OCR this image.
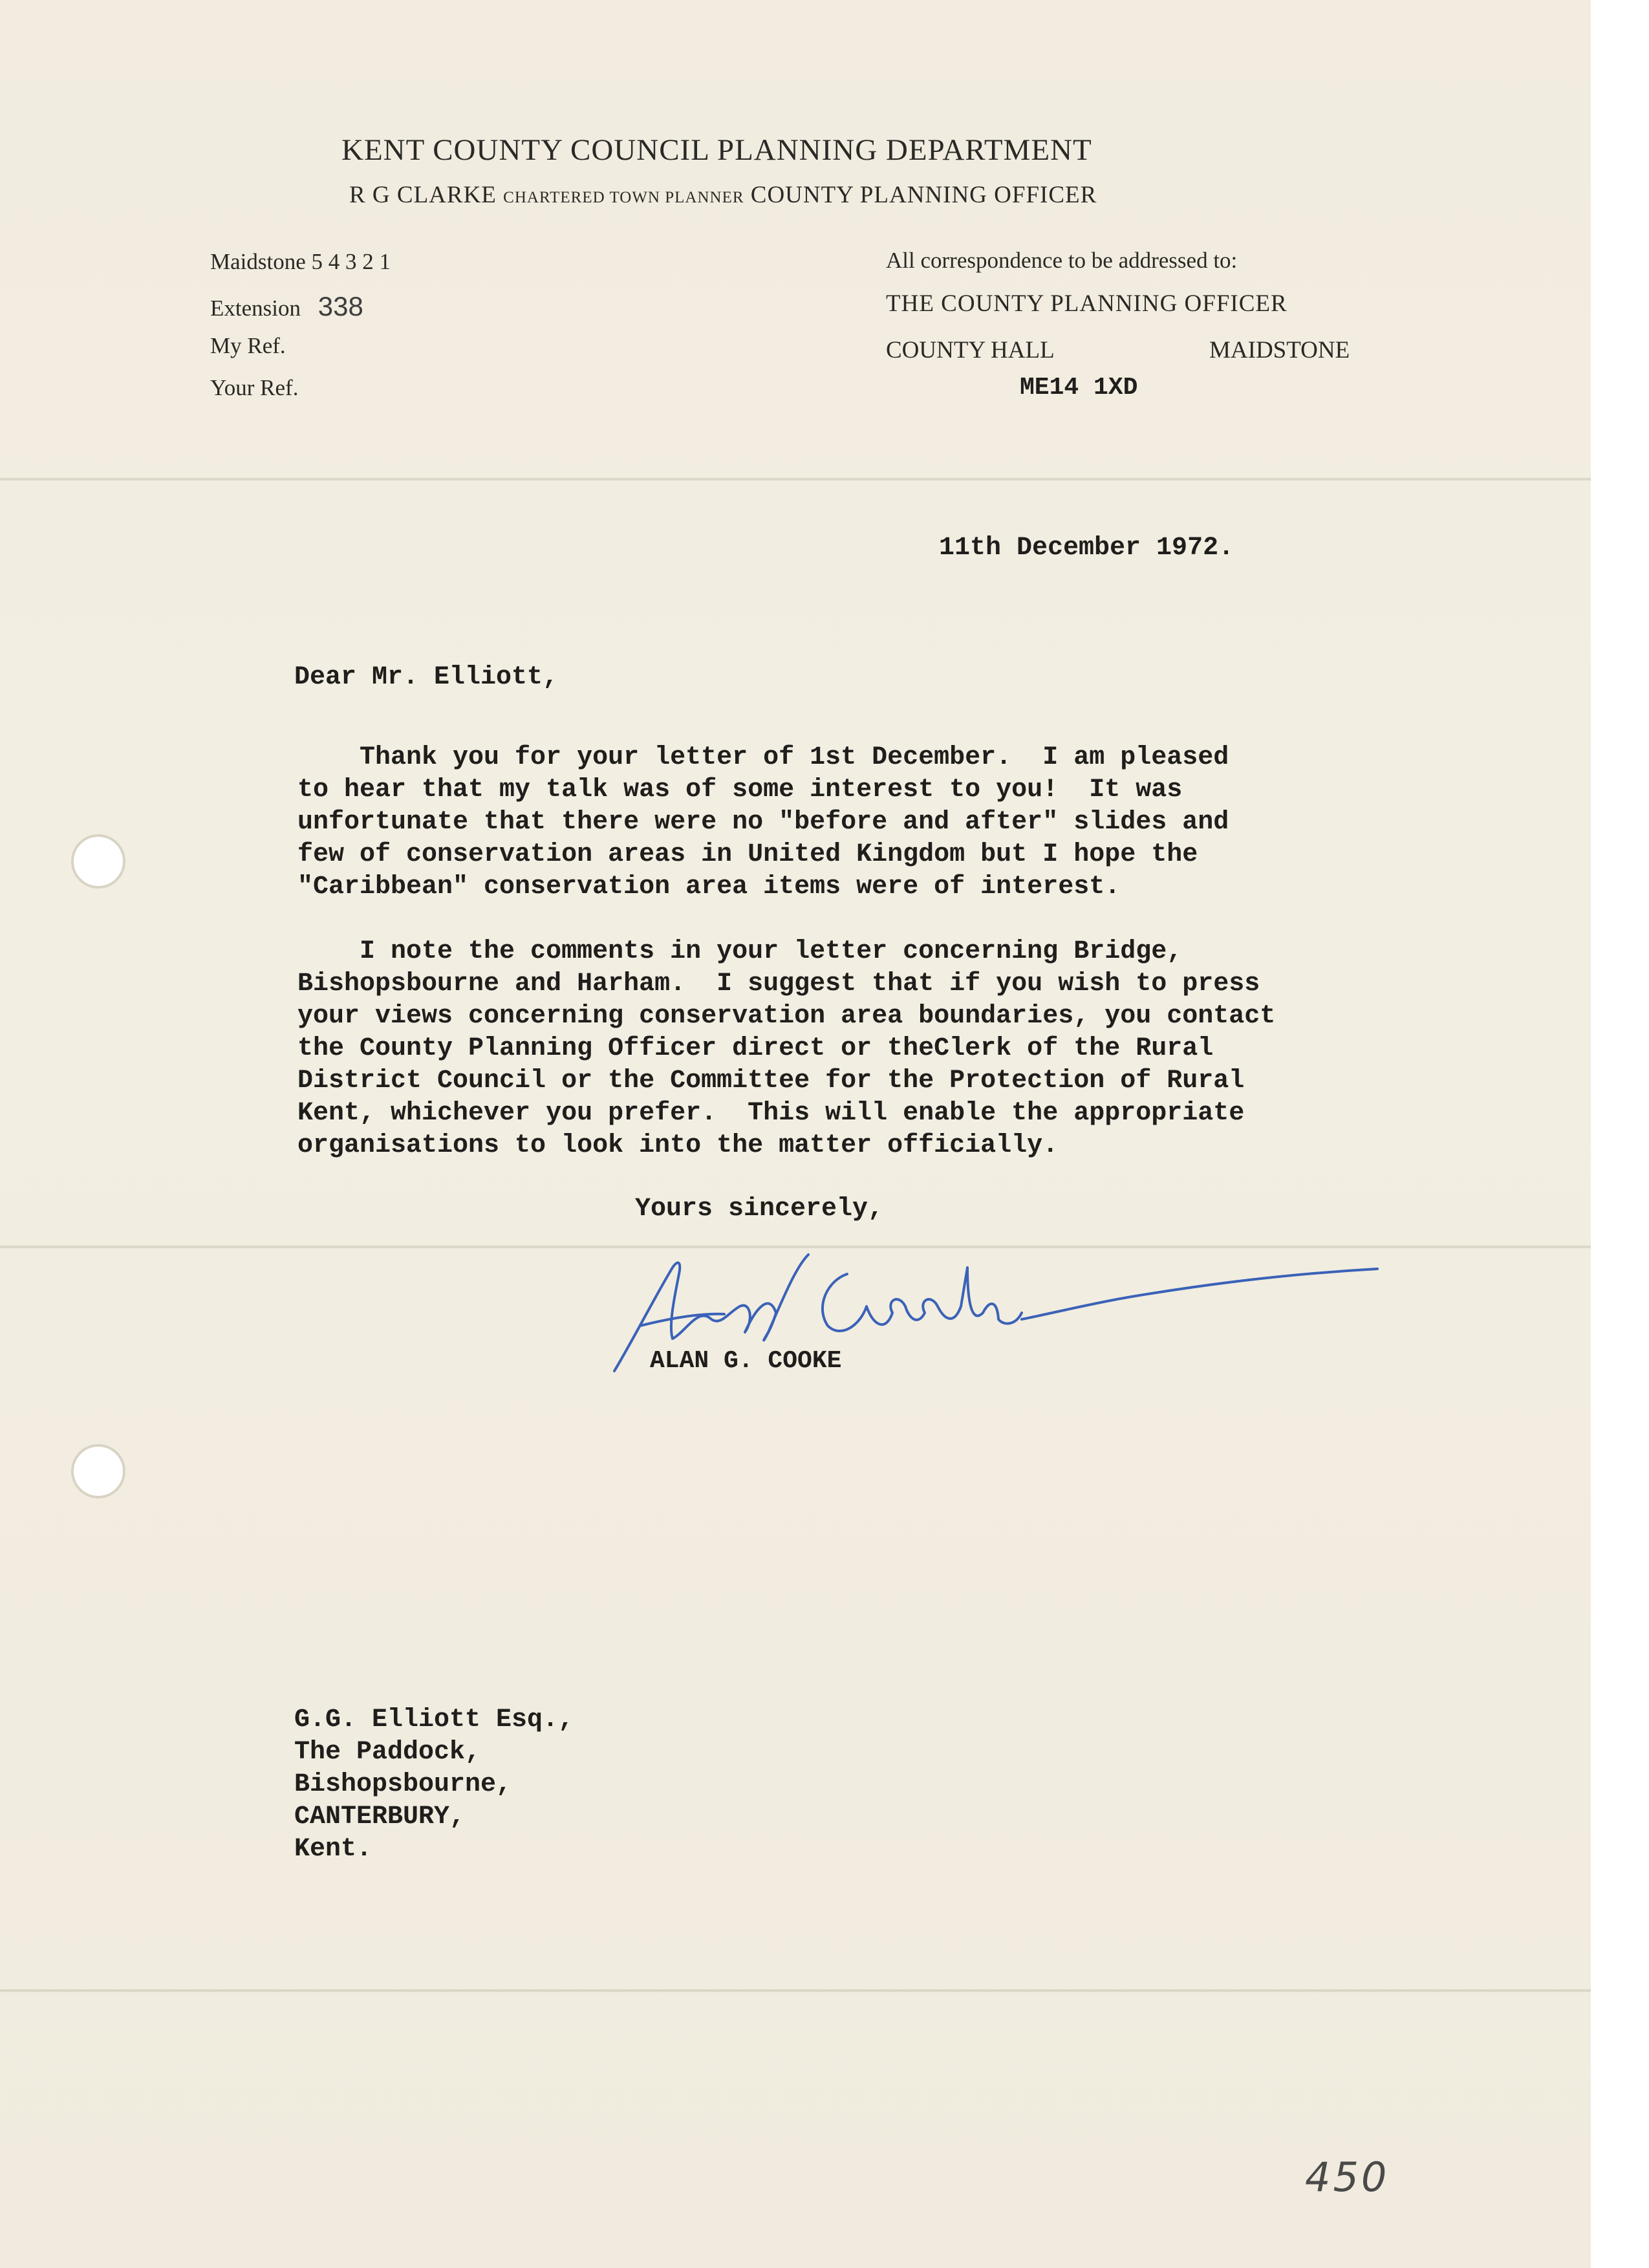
KENT COUNTY COUNCIL PLANNING DEPARTMENT
R G CLARKE CHARTERED TOWN PLANNER COUNTY PLANNING OFFICER
Maidstone 5 4 3 2 1
Extension 338
My Ref.
Your Ref.
All correspondence to be addressed to:
THE COUNTY PLANNING OFFICER
COUNTY HALL	MAIDSTONE
ME14 1XD
11th December 1972.
Dear Mr. Elliott,
Thank you for your letter of 1st December.  I am pleased
to hear that my talk was of some interest to you!  It was
unfortunate that there were no "before and after" slides and
few of conservation areas in United Kingdom but I hope the
"Caribbean" conservation area items were of interest.
I note the comments in your letter concerning Bridge,
Bishopsbourne and Harham.  I suggest that if you wish to press
your views concerning conservation area boundaries, you contact
the County Planning Officer direct or theClerk of the Rural
District Council or the Committee for the Protection of Rural
Kent, whichever you prefer.  This will enable the appropriate
organisations to look into the matter officially.
Yours sincerely,
ALAN G. COOKE
G.G. Elliott Esq.,
The Paddock,
Bishopsbourne,
CANTERBURY,
Kent.
450
